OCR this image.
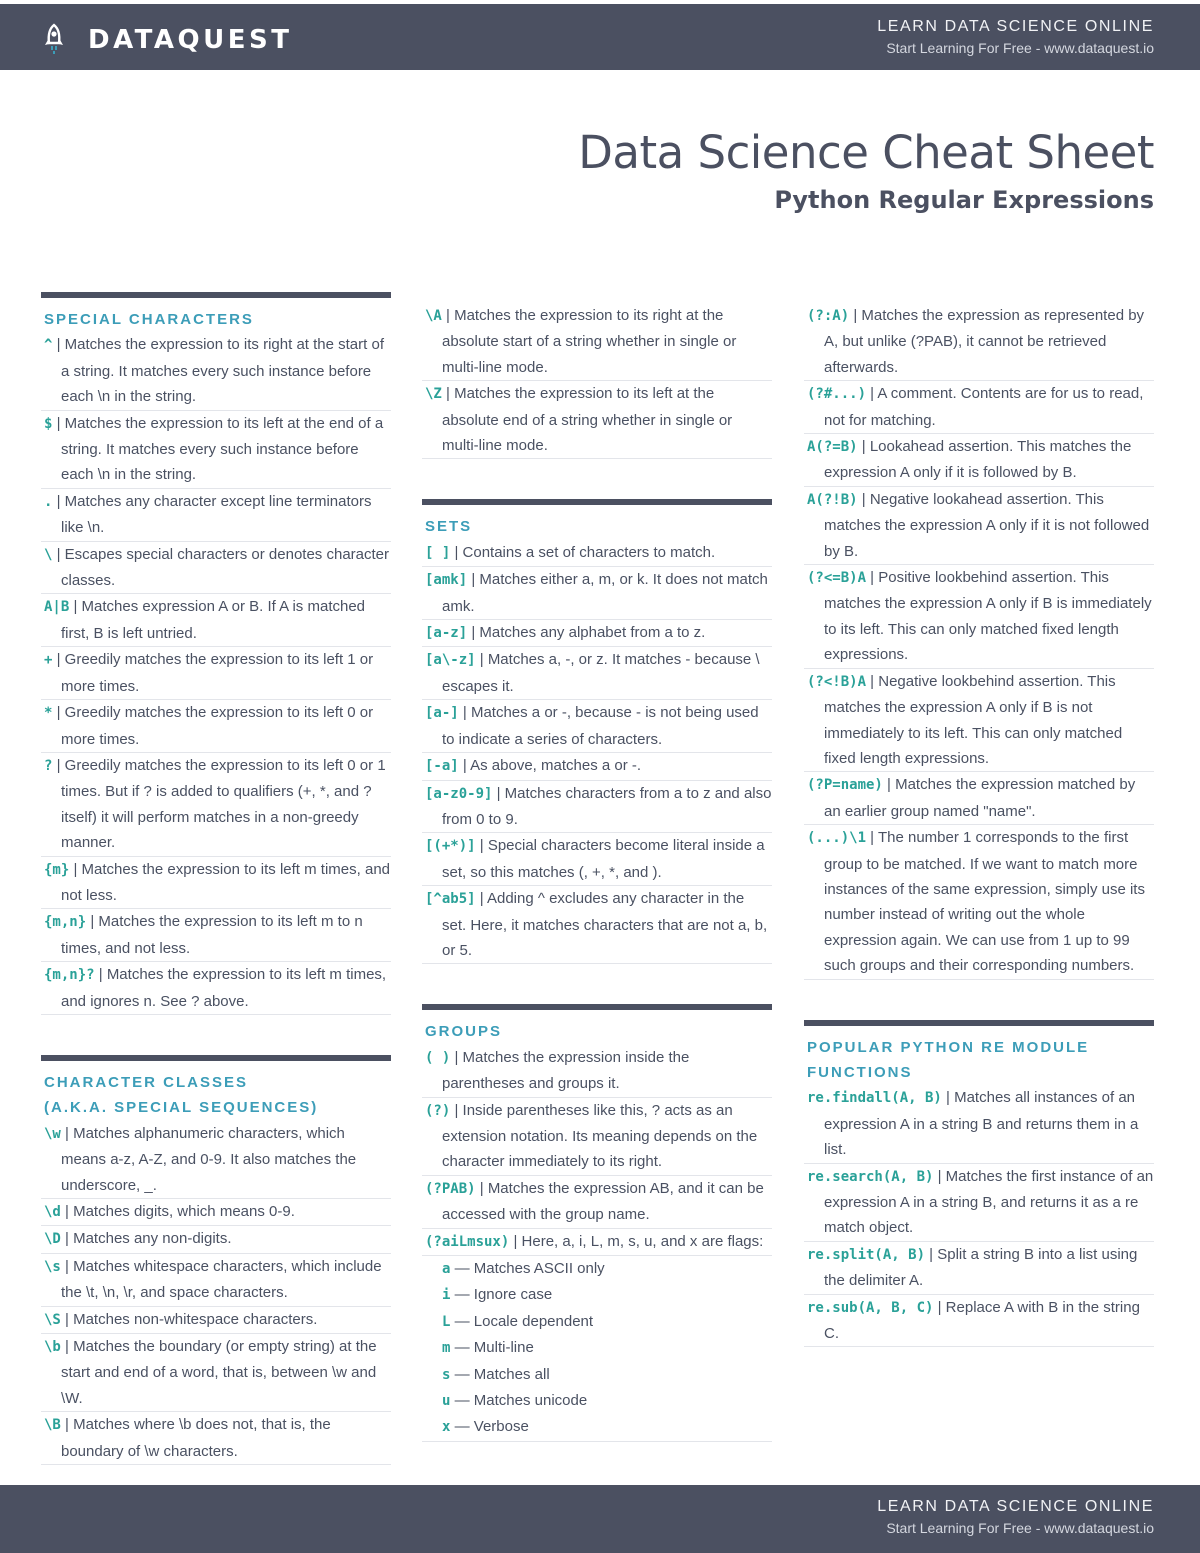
DATAQUEST	LEARN DATA SCIENCE ONLINE
Start Learning For Free - www.dataquest.io
Data Science Cheat Sheet
Python Regular Expressions
SPECIAL CHARACTERS
^ | Matches the expression to its right at the start of a string. It matches every such instance before each \n in the string.
$ | Matches the expression to its left at the end of a string. It matches every such instance before each \n in the string.
. | Matches any character except line terminators like \n.
\ | Escapes special characters or denotes character classes.
A|B | Matches expression A or B. If A is matched first, B is left untried.
+ | Greedily matches the expression to its left 1 or more times.
* | Greedily matches the expression to its left 0 or more times.
? | Greedily matches the expression to its left 0 or 1 times. But if ? is added to qualifiers (+, *, and ? itself) it will perform matches in a non-greedy manner.
{m} | Matches the expression to its left m times, and not less.
{m,n} | Matches the expression to its left m to n times, and not less.
{m,n}? | Matches the expression to its left m times, and ignores n. See ? above.
CHARACTER CLASSES
(A.K.A. SPECIAL SEQUENCES)
\w | Matches alphanumeric characters, which means a-z, A-Z, and 0-9. It also matches the underscore, _.
\d | Matches digits, which means 0-9.
\D | Matches any non-digits.
\s | Matches whitespace characters, which include the \t, \n, \r, and space characters.
\S | Matches non-whitespace characters.
\b | Matches the boundary (or empty string) at the start and end of a word, that is, between \w and \W.
\B | Matches where \b does not, that is, the boundary of \w characters.
\A | Matches the expression to its right at the absolute start of a string whether in single or multi-line mode.
\Z | Matches the expression to its left at the absolute end of a string whether in single or multi-line mode.
SETS
[ ] | Contains a set of characters to match.
[amk] | Matches either a, m, or k. It does not match amk.
[a-z] | Matches any alphabet from a to z.
[a\-z] | Matches a, -, or z. It matches - because \ escapes it.
[a-] | Matches a or -, because - is not being used to indicate a series of characters.
[-a] | As above, matches a or -.
[a-z0-9] | Matches characters from a to z and also from 0 to 9.
[(+*)] | Special characters become literal inside a set, so this matches (, +, *, and ).
[^ab5] | Adding ^ excludes any character in the set. Here, it matches characters that are not a, b, or 5.
GROUPS
( ) | Matches the expression inside the parentheses and groups it.
(?) | Inside parentheses like this, ? acts as an extension notation. Its meaning depends on the character immediately to its right.
(?PAB) | Matches the expression AB, and it can be accessed with the group name.
(?aiLmsux) | Here, a, i, L, m, s, u, and x are flags:
a — Matches ASCII only
i — Ignore case
L — Locale dependent
m — Multi-line
s — Matches all
u — Matches unicode
x — Verbose
(?:A) | Matches the expression as represented by A, but unlike (?PAB), it cannot be retrieved afterwards.
(?#...) | A comment. Contents are for us to read, not for matching.
A(?=B) | Lookahead assertion. This matches the expression A only if it is followed by B.
A(?!B) | Negative lookahead assertion. This matches the expression A only if it is not followed by B.
(?<=B)A | Positive lookbehind assertion. This matches the expression A only if B is immediately to its left. This can only matched fixed length expressions.
(?<!B)A | Negative lookbehind assertion. This matches the expression A only if B is not immediately to its left. This can only matched fixed length expressions.
(?P=name) | Matches the expression matched by an earlier group named "name".
(...)\1 | The number 1 corresponds to the first group to be matched. If we want to match more instances of the same expression, simply use its number instead of writing out the whole expression again. We can use from 1 up to 99 such groups and their corresponding numbers.
POPULAR PYTHON RE MODULE
FUNCTIONS
re.findall(A, B) | Matches all instances of an expression A in a string B and returns them in a list.
re.search(A, B) | Matches the first instance of an expression A in a string B, and returns it as a re match object.
re.split(A, B) | Split a string B into a list using the delimiter A.
re.sub(A, B, C) | Replace A with B in the string C.
LEARN DATA SCIENCE ONLINE
Start Learning For Free - www.dataquest.io
